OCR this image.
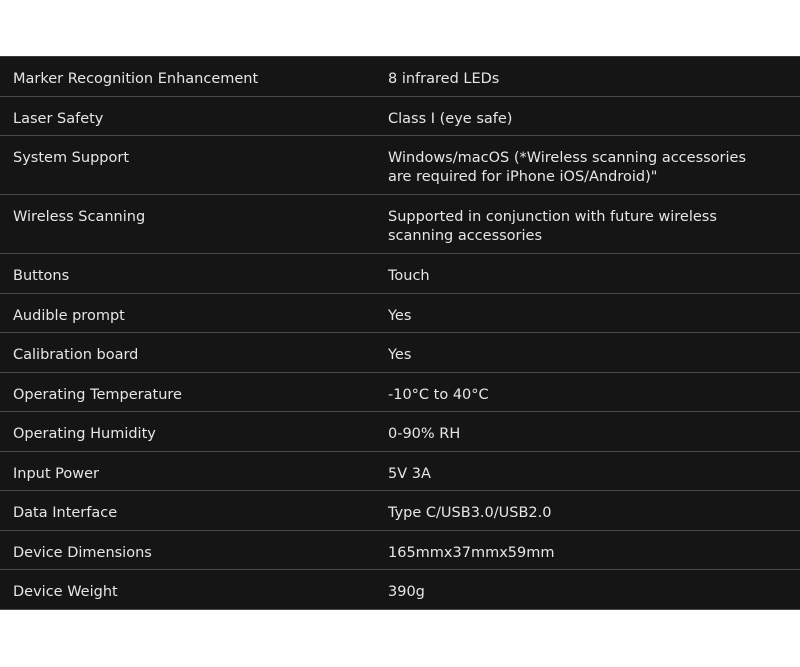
Marker Recognition Enhancement	8 infrared LEDs
Laser Safety	Class I (eye safe)
System Support	Windows/macOS (*Wireless scanning accessories are required for iPhone iOS/Android)"
Wireless Scanning	Supported in conjunction with future wireless scanning accessories
Buttons	Touch
Audible prompt	Yes
Calibration board	Yes
Operating Temperature	-10°C to 40°C
Operating Humidity	0-90% RH
Input Power	5V 3A
Data Interface	Type C/USB3.0/USB2.0
Device Dimensions	165mmx37mmx59mm
Device Weight	390g
